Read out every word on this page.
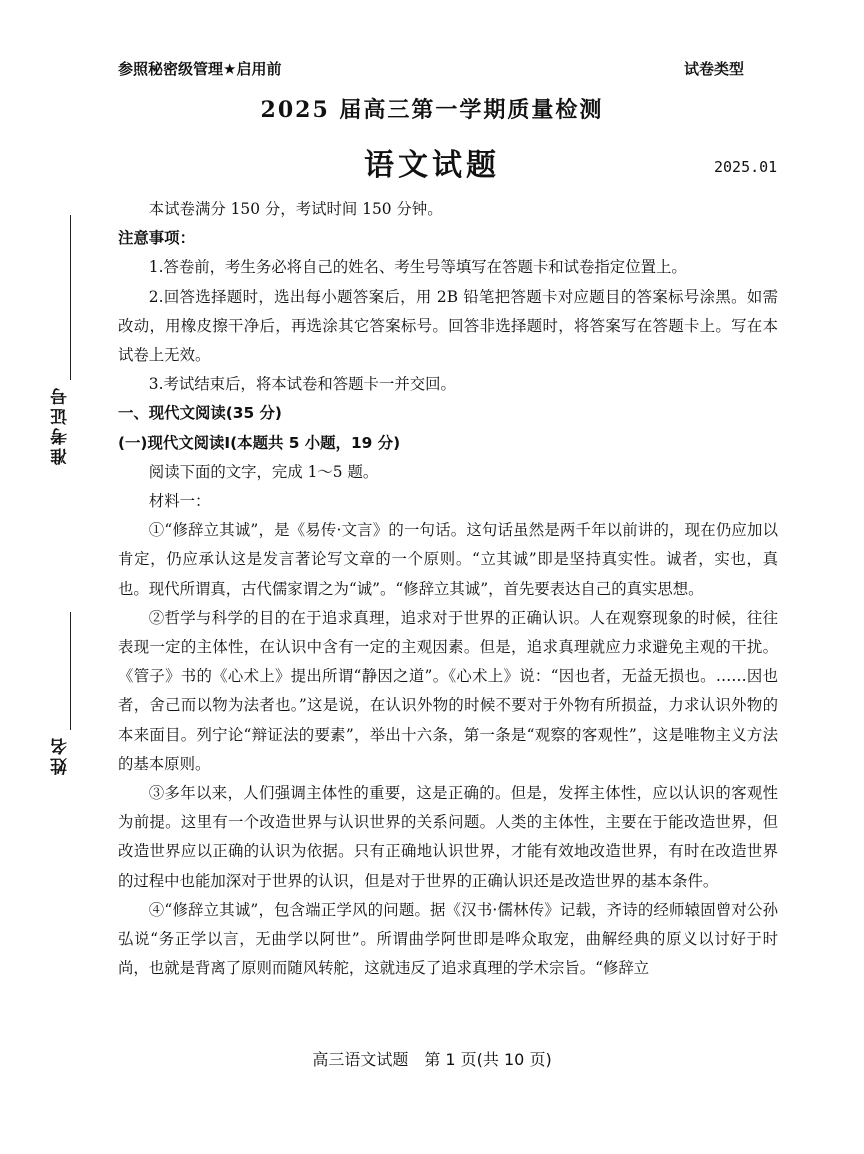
参照秘密级管理★启用前	试卷类型
2025 届高三第一学期质量检测
语文试题	2025.01
准考证号
姓名

本试卷满分 150 分，考试时间 150 分钟。

注意事项：

1.答卷前，考生务必将自己的姓名、考生号等填写在答题卡和试卷指定位置上。

2.回答选择题时，选出每小题答案后，用 2B 铅笔把答题卡对应题目的答案标号涂黑。如需改动，用橡皮擦干净后，再选涂其它答案标号。回答非选择题时，将答案写在答题卡上。写在本试卷上无效。

3.考试结束后，将本试卷和答题卡一并交回。

一、现代文阅读(35 分)

(一)现代文阅读Ⅰ(本题共 5 小题，19 分)

阅读下面的文字，完成 1～5 题。

材料一：

①“修辞立其诚”，是《易传·文言》的一句话。这句话虽然是两千年以前讲的，现在仍应加以肯定，仍应承认这是发言著论写文章的一个原则。“立其诚”即是坚持真实性。诚者，实也，真也。现代所谓真，古代儒家谓之为“诚”。“修辞立其诚”，首先要表达自己的真实思想。

②哲学与科学的目的在于追求真理，追求对于世界的正确认识。人在观察现象的时候，往往表现一定的主体性，在认识中含有一定的主观因素。但是，追求真理就应力求避免主观的干扰。《管子》书的《心术上》提出所谓“静因之道”。《心术上》说：“因也者，无益无损也。……因也者，舍己而以物为法者也。”这是说，在认识外物的时候不要对于外物有所损益，力求认识外物的本来面目。列宁论“辩证法的要素”，举出十六条，第一条是“观察的客观性”，这是唯物主义方法的基本原则。

③多年以来，人们强调主体性的重要，这是正确的。但是，发挥主体性，应以认识的客观性为前提。这里有一个改造世界与认识世界的关系问题。人类的主体性，主要在于能改造世界，但改造世界应以正确的认识为依据。只有正确地认识世界，才能有效地改造世界，有时在改造世界的过程中也能加深对于世界的认识，但是对于世界的正确认识还是改造世界的基本条件。

④“修辞立其诚”，包含端正学风的问题。据《汉书·儒林传》记载，齐诗的经师辕固曾对公孙弘说“务正学以言，无曲学以阿世”。所谓曲学阿世即是哗众取宠，曲解经典的原义以讨好于时尚，也就是背离了原则而随风转舵，这就违反了追求真理的学术宗旨。“修辞立

高三语文试题　第 1 页(共 10 页)
